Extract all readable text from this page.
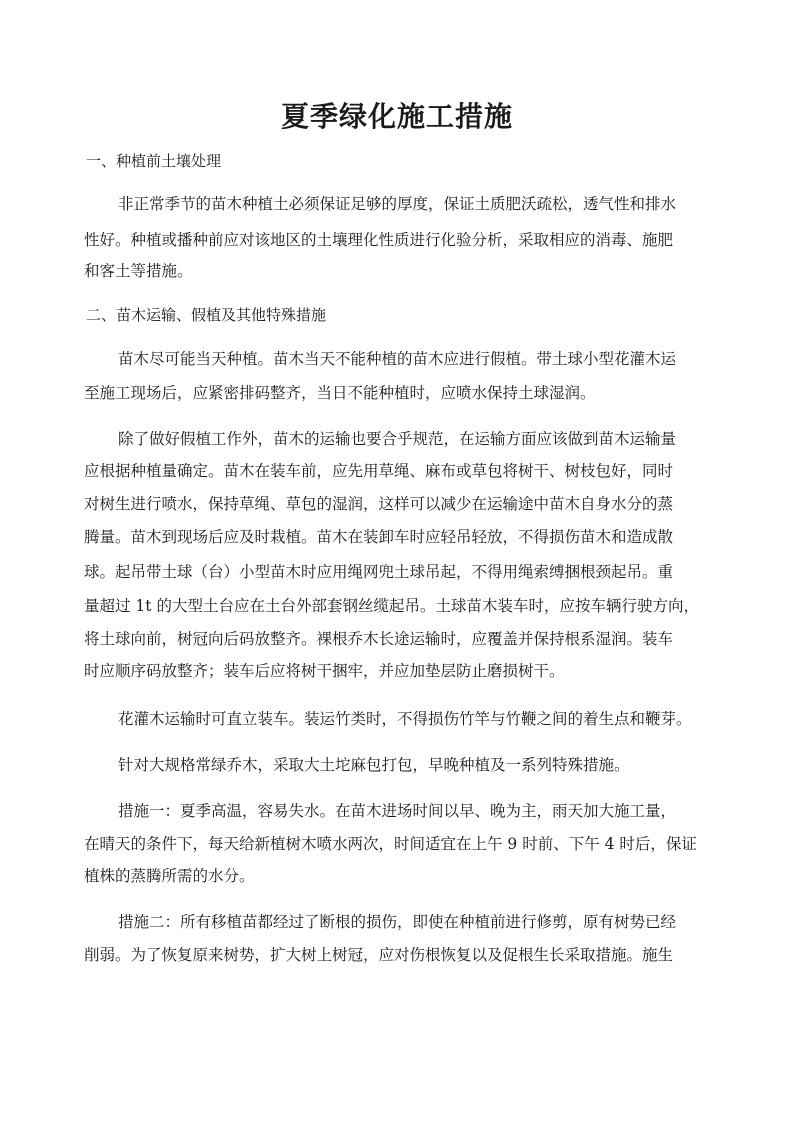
夏季绿化施工措施
一、种植前土壤处理
非正常季节的苗木种植土必须保证足够的厚度，保证土质肥沃疏松，透气性和排水
性好。种植或播种前应对该地区的土壤理化性质进行化验分析，采取相应的消毒、施肥
和客土等措施。
二、苗木运输、假植及其他特殊措施
苗木尽可能当天种植。苗木当天不能种植的苗木应进行假植。带土球小型花灌木运
至施工现场后，应紧密排码整齐，当日不能种植时，应喷水保持土球湿润。
除了做好假植工作外，苗木的运输也要合乎规范，在运输方面应该做到苗木运输量
应根据种植量确定。苗木在装车前，应先用草绳、麻布或草包将树干、树枝包好，同时
对树生进行喷水，保持草绳、草包的湿润，这样可以减少在运输途中苗木自身水分的蒸
腾量。苗木到现场后应及时栽植。苗木在装卸车时应轻吊轻放，不得损伤苗木和造成散
球。起吊带土球（台）小型苗木时应用绳网兜土球吊起，不得用绳索缚捆根颈起吊。重
量超过 1t 的大型土台应在土台外部套钢丝缆起吊。土球苗木装车时，应按车辆行驶方向，
将土球向前，树冠向后码放整齐。裸根乔木长途运输时，应覆盖并保持根系湿润。装车
时应顺序码放整齐；装车后应将树干捆牢，并应加垫层防止磨损树干。
花灌木运输时可直立装车。装运竹类时，不得损伤竹竿与竹鞭之间的着生点和鞭芽。
针对大规格常绿乔木，采取大土坨麻包打包，早晚种植及一系列特殊措施。
措施一：夏季高温，容易失水。在苗木进场时间以早、晚为主，雨天加大施工量，
在晴天的条件下，每天给新植树木喷水两次，时间适宜在上午 9 时前、下午 4 时后，保证
植株的蒸腾所需的水分。
措施二：所有移植苗都经过了断根的损伤，即使在种植前进行修剪，原有树势已经
削弱。为了恢复原来树势，扩大树上树冠，应对伤根恢复以及促根生长采取措施。施生
